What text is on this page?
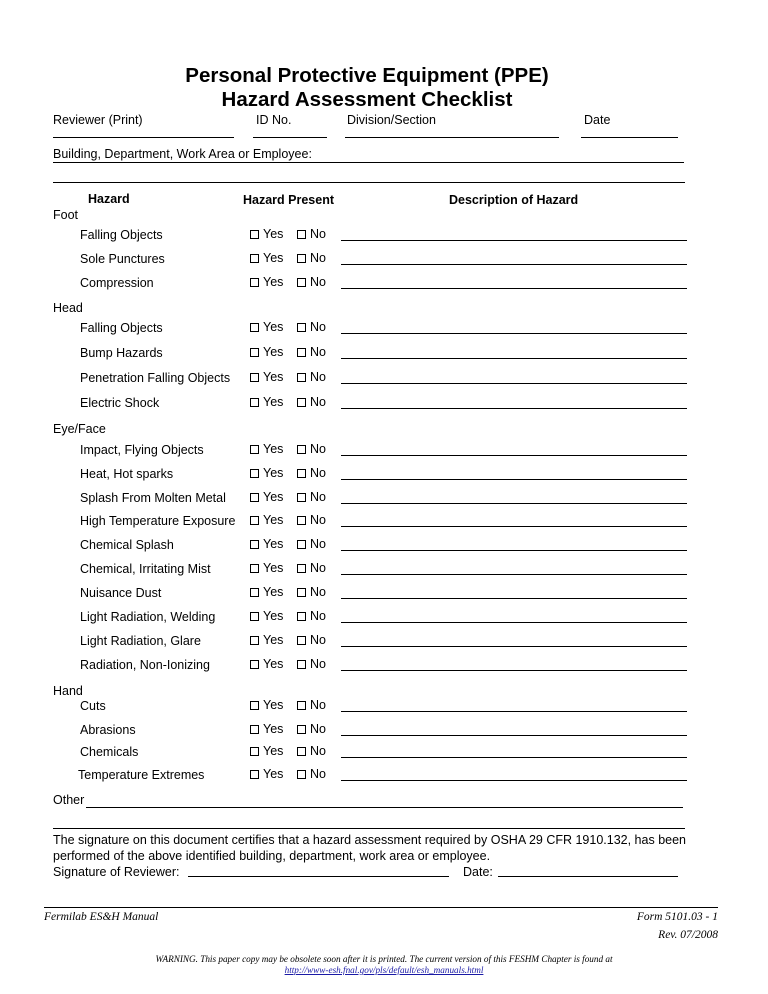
Personal Protective Equipment (PPE)
Hazard Assessment Checklist
Reviewer (Print)	ID No.	Division/Section	Date
Building, Department, Work Area or Employee:
Hazard	Hazard Present	Description of Hazard
Foot
Falling Objects	Yes	No
Sole Punctures	Yes	No
Compression	Yes	No
Head
Falling Objects	Yes	No
Bump Hazards	Yes	No
Penetration Falling Objects	Yes	No
Electric Shock	Yes	No
Eye/Face
Impact, Flying Objects	Yes	No
Heat, Hot sparks	Yes	No
Splash From Molten Metal	Yes	No
High Temperature Exposure	Yes	No
Chemical Splash	Yes	No
Chemical, Irritating Mist	Yes	No
Nuisance Dust	Yes	No
Light Radiation, Welding	Yes	No
Light Radiation, Glare	Yes	No
Radiation, Non-Ionizing	Yes	No
Hand
Cuts	Yes	No
Abrasions	Yes	No
Chemicals	Yes	No
Temperature Extremes	Yes	No
Other
The signature on this document certifies that a hazard assessment required by OSHA 29 CFR 1910.132, has been
performed of the above identified building, department, work area or employee.
Signature of Reviewer:	Date:
Fermilab ES&H Manual	Form 5101.03 - 1
Rev. 07/2008
WARNING. This paper copy may be obsolete soon after it is printed. The current version of this FESHM Chapter is found at
http://www-esh.fnal.gov/pls/default/esh_manuals.html
